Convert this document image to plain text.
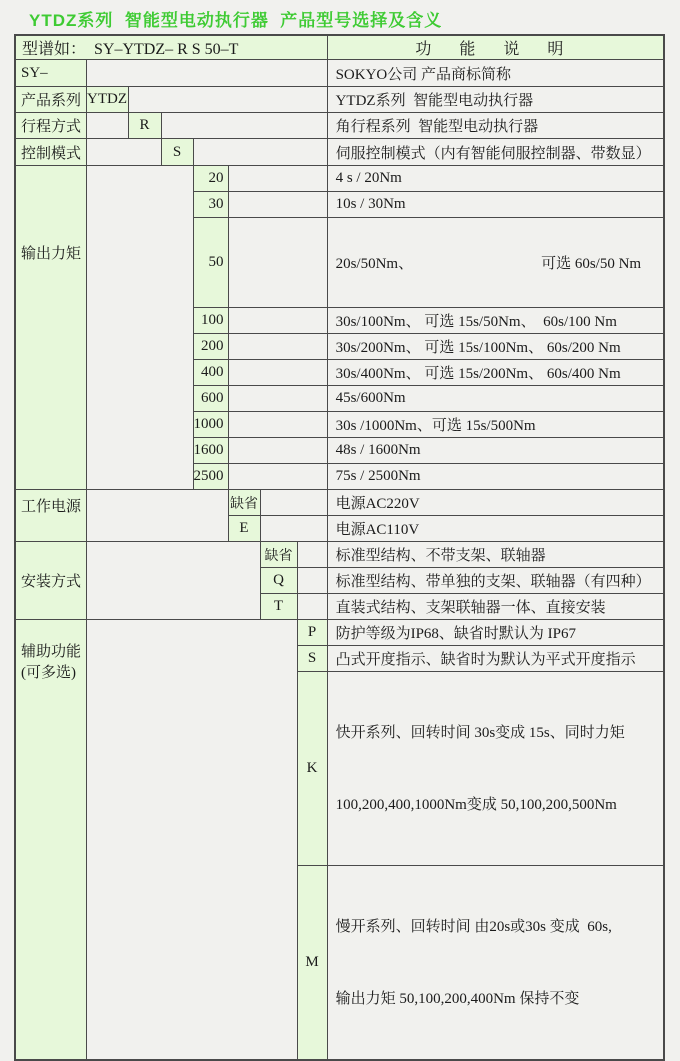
YTDZ系列  智能型电动执行器  产品型号选择及含义
型谱如：  SY–YTDZ– R S 50–T								功 能 说 明
SY–								SOKYO公司 产品商标简称
产品系列	YTDZ							YTDZ系列  智能型电动执行器
行程方式		R						角行程系列  智能型电动执行器
控制模式			S					伺服控制模式（内有智能伺服控制器、带数显）
输出力矩				20				4 s / 20Nm
				30				10s / 30Nm
				50				20s/50Nm、 可选 60s/50 Nm

				100				30s/100Nm、 可选 15s/50Nm、  60s/100 Nm
				200				30s/200Nm、 可选 15s/100Nm、 60s/200 Nm
				400				30s/400Nm、 可选 15s/200Nm、 60s/400 Nm
				600				45s/600Nm
				1000				30s /1000Nm、可选 15s/500Nm
				1600				48s / 1600Nm
				2500				75s / 2500Nm
工作电源					缺省			电源AC220V
					E			电源AC110V
安装方式						缺省		标准型结构、不带支架、联轴器
						Q		标准型结构、带单独的支架、联轴器（有四种）
						T		直装式结构、支架联轴器一体、直接安装

辅助功能
(可多选)							P	防护等级为IP68、缺省时默认为 IP67
							S	凸式开度指示、缺省时为默认为平式开度指示
							K	快开系列、回转时间 30s变成 15s、同时力矩

100,200,400,1000Nm变成 50,100,200,500Nm

							M	慢开系列、回转时间 由20s或30s 变成  60s,

输出力矩 50,100,200,400Nm 保持不变
